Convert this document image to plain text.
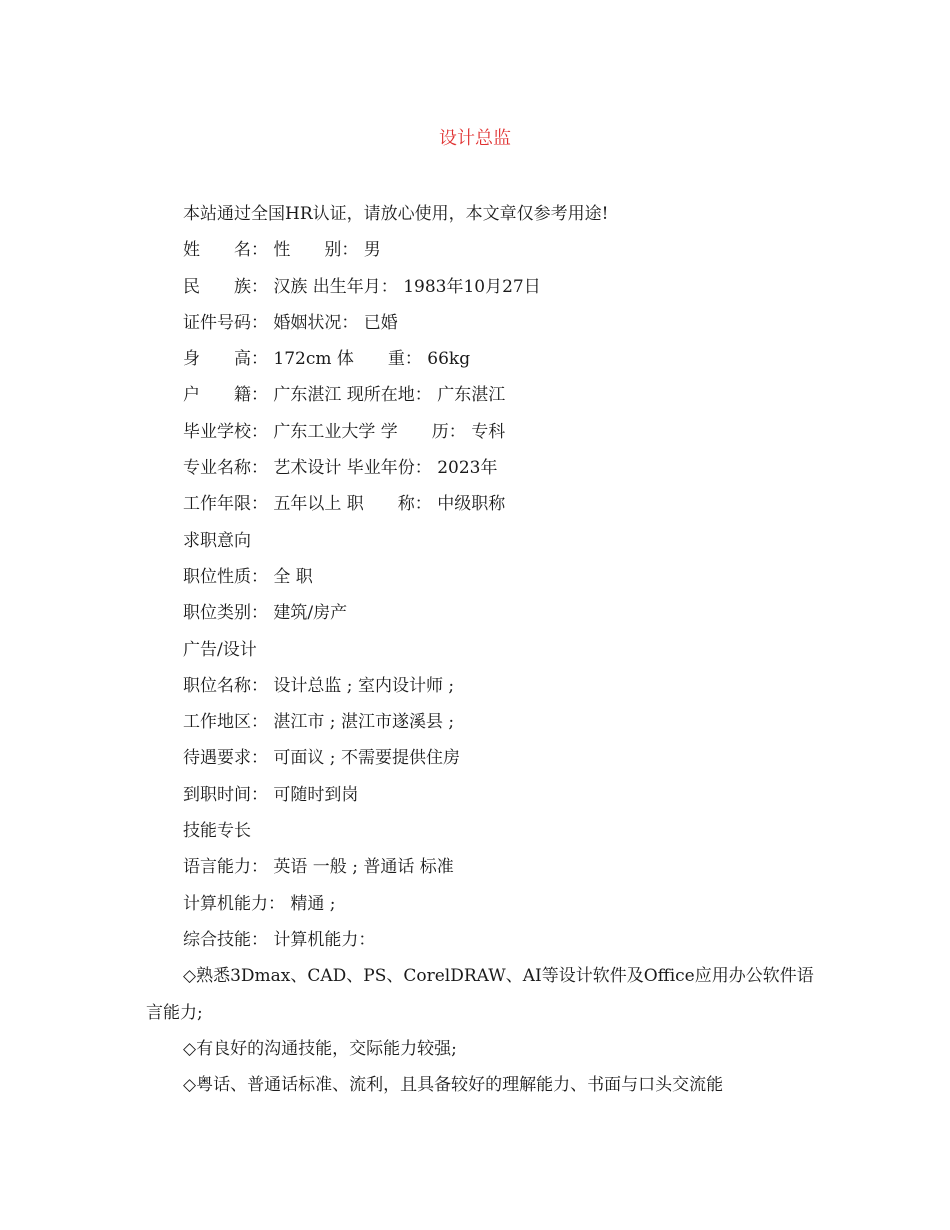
设计总监
本站通过全国HR认证，请放心使用，本文章仅参考用途!
姓　　名： 性　　别： 男
民　　族： 汉族 出生年月： 1983年10月27日
证件号码： 婚姻状况： 已婚
身　　高： 172cm 体　　重： 66kg
户　　籍： 广东湛江 现所在地： 广东湛江
毕业学校： 广东工业大学 学　　历： 专科
专业名称： 艺术设计 毕业年份： 2023年
工作年限： 五年以上 职　　称： 中级职称
求职意向
职位性质： 全 职
职位类别： 建筑/房产
广告/设计
职位名称： 设计总监 ; 室内设计师 ;
工作地区： 湛江市 ; 湛江市遂溪县 ;
待遇要求： 可面议 ; 不需要提供住房
到职时间： 可随时到岗
技能专长
语言能力： 英语 一般 ; 普通话 标准
计算机能力： 精通 ;
综合技能： 计算机能力：

◇熟悉3Dmax、CAD、PS、CorelDRAW、AI等设计软件及Office应用办公软件语言能力;

◇有良好的沟通技能，交际能力较强;

◇粤话、普通话标准、流利，且具备较好的理解能力、书面与口头交流能
